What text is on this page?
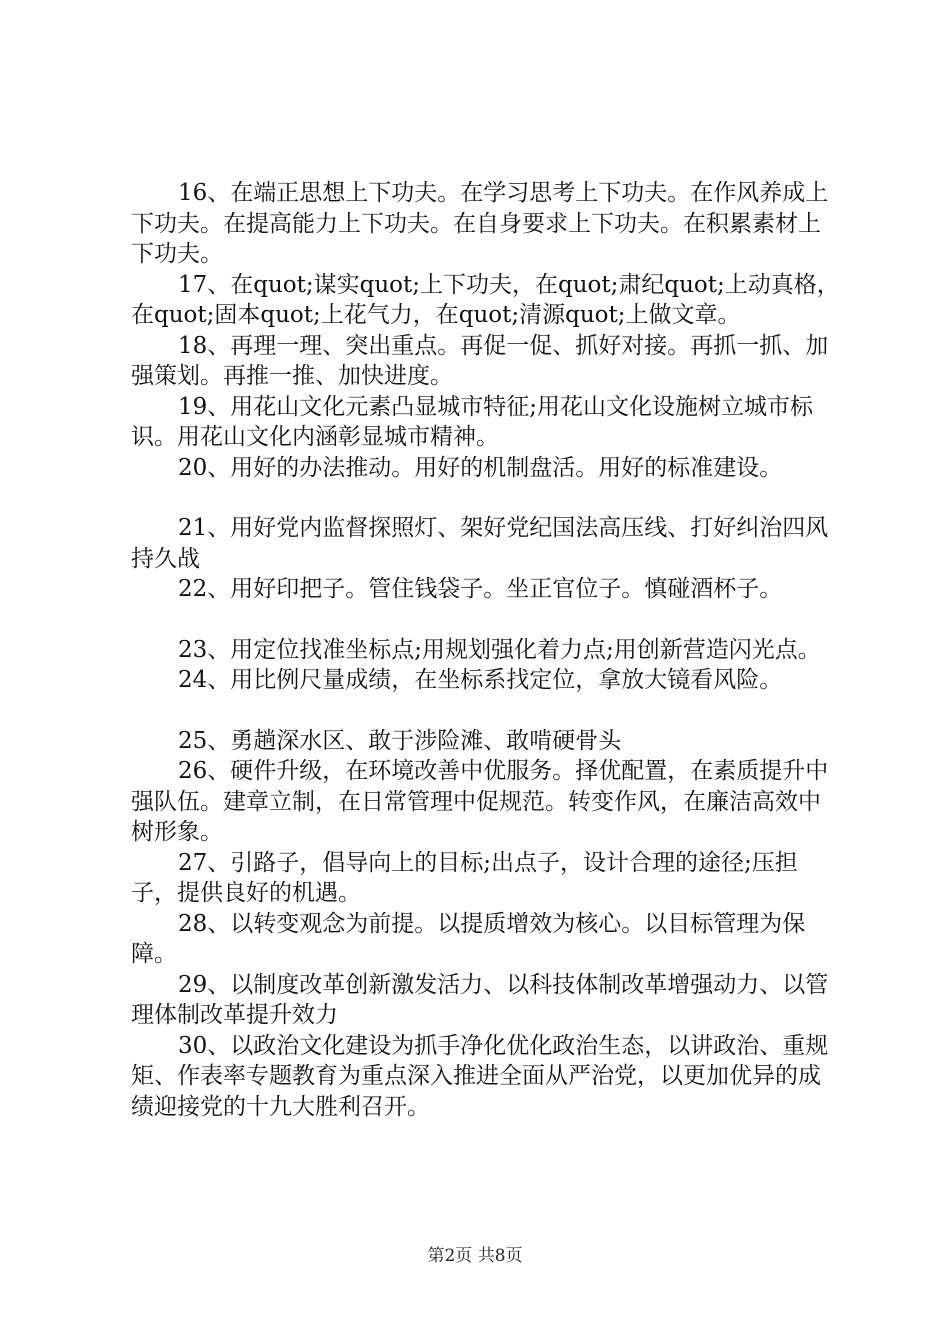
16、在端正思想上下功夫。在学习思考上下功夫。在作风养成上下功夫。在提高能力上下功夫。在自身要求上下功夫。在积累素材上下功夫。

17、在quot;谋实quot;上下功夫，在quot;肃纪quot;上动真格，在quot;固本quot;上花气力，在quot;清源quot;上做文章。

18、再理一理、突出重点。再促一促、抓好对接。再抓一抓、加强策划。再推一推、加快进度。

19、用花山文化元素凸显城市特征;用花山文化设施树立城市标识。用花山文化内涵彰显城市精神。

20、用好的办法推动。用好的机制盘活。用好的标准建设。

21、用好党内监督探照灯、架好党纪国法高压线、打好纠治四风持久战

22、用好印把子。管住钱袋子。坐正官位子。慎碰酒杯子。

23、用定位找准坐标点;用规划强化着力点;用创新营造闪光点。

24、用比例尺量成绩，在坐标系找定位，拿放大镜看风险。

25、勇趟深水区、敢于涉险滩、敢啃硬骨头

26、硬件升级，在环境改善中优服务。择优配置，在素质提升中强队伍。建章立制，在日常管理中促规范。转变作风，在廉洁高效中树形象。

27、引路子，倡导向上的目标;出点子，设计合理的途径;压担子，提供良好的机遇。

28、以转变观念为前提。以提质增效为核心。以目标管理为保障。

29、以制度改革创新激发活力、以科技体制改革增强动力、以管理体制改革提升效力

30、以政治文化建设为抓手净化优化政治生态，以讲政治、重规矩、作表率专题教育为重点深入推进全面从严治党，以更加优异的成绩迎接党的十九大胜利召开。

第2页 共8页
